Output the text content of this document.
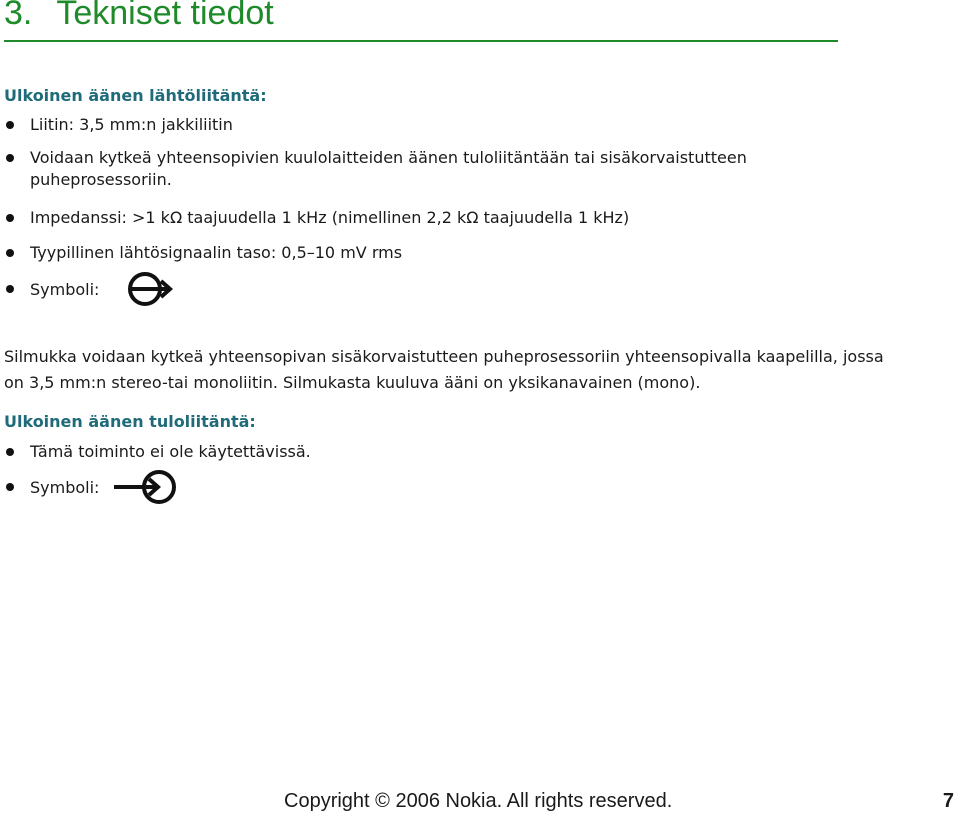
3. Tekniset tiedot
Ulkoinen äänen lähtöliitäntä:
Liitin: 3,5 mm:n jakkiliitin
Voidaan kytkeä yhteensopivien kuulolaitteiden äänen tuloliitäntään tai sisäkorvaistutteen
puheprosessoriin.
Impedanssi: >1 kΩ taajuudella 1 kHz (nimellinen 2,2 kΩ taajuudella 1 kHz)
Tyypillinen lähtösignaalin taso: 0,5–10 mV rms
Symboli:
Silmukka voidaan kytkeä yhteensopivan sisäkorvaistutteen puheprosessoriin yhteensopivalla kaapelilla, jossa
on 3,5 mm:n stereo-tai monoliitin. Silmukasta kuuluva ääni on yksikanavainen (mono).
Ulkoinen äänen tuloliitäntä:
Tämä toiminto ei ole käytettävissä.
Symboli:
Copyright © 2006 Nokia. All rights reserved.	7
